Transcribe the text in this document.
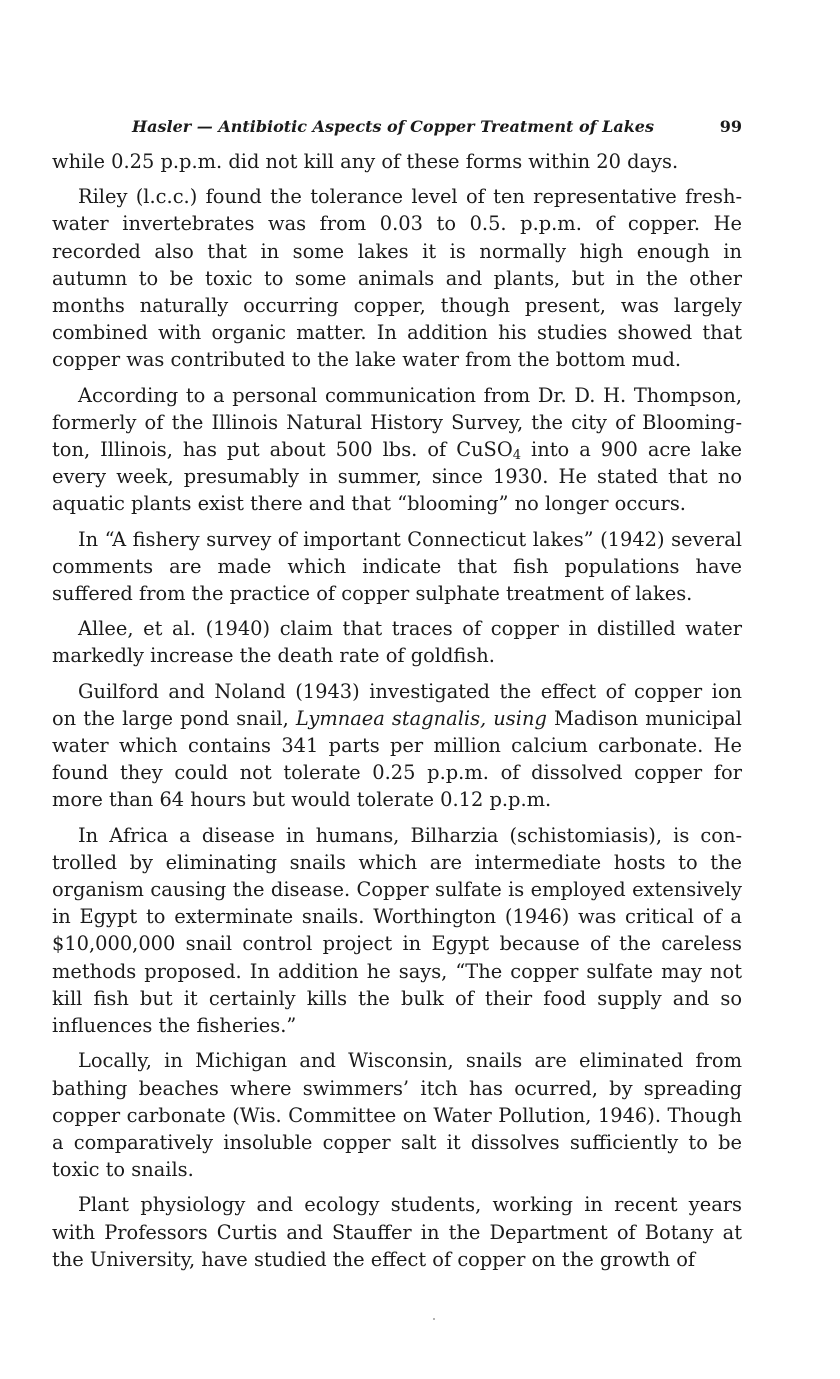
Hasler — Antibiotic Aspects of Copper Treatment of Lakes	99

while 0.25 p.p.m. did not kill any of these forms within 20 days.

Riley (l.c.c.) found the tolerance level of ten representative fresh-water invertebrates was from 0.03 to 0.5. p.p.m. of copper. He recorded also that in some lakes it is normally high enough in autumn to be toxic to some animals and plants, but in the other months naturally occurring copper, though present, was largely combined with organic matter. In addition his studies showed that copper was contributed to the lake water from the bottom mud.

According to a personal communication from Dr. D. H. Thompson, formerly of the Illinois Natural History Survey, the city of Bloomington, Illinois, has put about 500 lbs. of CuSO$_4$ into a 900 acre lake every week, presumably in summer, since 1930. He stated that no aquatic plants exist there and that “blooming” no longer occurs.

In “A fishery survey of important Connecticut lakes” (1942) several comments are made which indicate that fish populations have suffered from the practice of copper sulphate treatment of lakes.

Allee, et al. (1940) claim that traces of copper in distilled water markedly increase the death rate of goldfish.

Guilford and Noland (1943) investigated the effect of copper ion on the large pond snail, Lymnaea stagnalis, using Madison municipal water which contains 341 parts per million calcium carbonate. He found they could not tolerate 0.25 p.p.m. of dissolved copper for more than 64 hours but would tolerate 0.12 p.p.m.

In Africa a disease in humans, Bilharzia (schistomiasis), is controlled by eliminating snails which are intermediate hosts to the organism causing the disease. Copper sulfate is employed extensively in Egypt to exterminate snails. Worthington (1946) was critical of a $10,000,000 snail control project in Egypt because of the careless methods proposed. In addition he says, “The copper sulfate may not kill fish but it certainly kills the bulk of their food supply and so influences the fisheries.”

Locally, in Michigan and Wisconsin, snails are eliminated from bathing beaches where swimmers’ itch has ocurred, by spreading copper carbonate (Wis. Committee on Water Pollution, 1946). Though a comparatively insoluble copper salt it dissolves sufficiently to be toxic to snails.

Plant physiology and ecology students, working in recent years with Professors Curtis and Stauffer in the Department of Botany at the University, have studied the effect of copper on the growth of
